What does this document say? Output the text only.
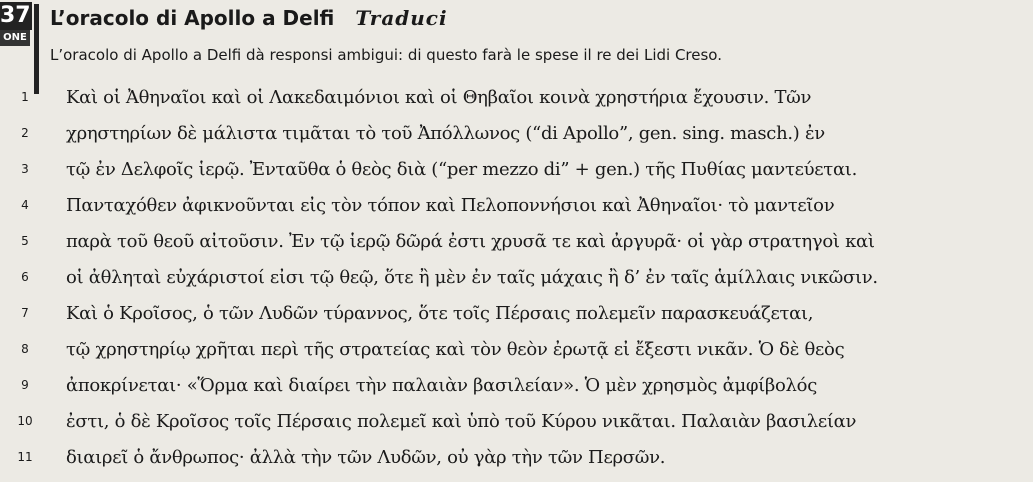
37
ONE
L’oracolo di Apollo a Delfi Traduci
L’oracolo di Apollo a Delfi dà responsi ambigui: di questo farà le spese il re dei Lidi Creso.
1	Καὶ οἱ Ἀθηναῖοι καὶ οἱ Λακεδαιμόνιοι καὶ οἱ Θηβαῖοι κοινὰ χρηστήρια ἔχουσιν. Τῶν
2	χρηστηρίων δὲ μάλιστα τιμᾶται τὸ τοῦ Ἀπόλλωνος (“di Apollo”, gen. sing. masch.) ἐν
3	τῷ ἐν Δελφοῖς ἱερῷ. Ἐνταῦθα ὁ θεὸς διὰ (“per mezzo di” + gen.) τῆς Πυθίας μαντεύεται.
4	Πανταχόθεν ἀφικνοῦνται εἰς τὸν τόπον καὶ Πελοποννήσιοι καὶ Ἀθηναῖοι· τὸ μαντεῖον
5	παρὰ τοῦ θεοῦ αἰτοῦσιν. Ἐν τῷ ἱερῷ δῶρά ἐστι χρυσᾶ τε καὶ ἀργυρᾶ· οἱ γὰρ στρατηγοὶ καὶ
6	οἱ ἀθληταὶ εὐχάριστοί εἰσι τῷ θεῷ, ὅτε ἢ μὲν ἐν ταῖς μάχαις ἢ δ’ ἐν ταῖς ἁμίλλαις νικῶσιν.
7	Καὶ ὁ Κροῖσος, ὁ τῶν Λυδῶν τύραννος, ὅτε τοῖς Πέρσαις πολεμεῖν παρασκευάζεται,
8	τῷ χρηστηρίῳ χρῆται περὶ τῆς στρατείας καὶ τὸν θεὸν ἐρωτᾷ εἰ ἔξεστι νικᾶν. Ὁ δὲ θεὸς
9	ἀποκρίνεται· «Ὅρμα καὶ διαίρει τὴν παλαιὰν βασιλείαν». Ὁ μὲν χρησμὸς ἀμφίβολός
10	ἐστι, ὁ δὲ Κροῖσος τοῖς Πέρσαις πολεμεῖ καὶ ὑπὸ τοῦ Κύρου νικᾶται. Παλαιὰν βασιλείαν
11	διαιρεῖ ὁ ἄνθρωπος· ἀλλὰ τὴν τῶν Λυδῶν, οὐ γὰρ τὴν τῶν Περσῶν.
